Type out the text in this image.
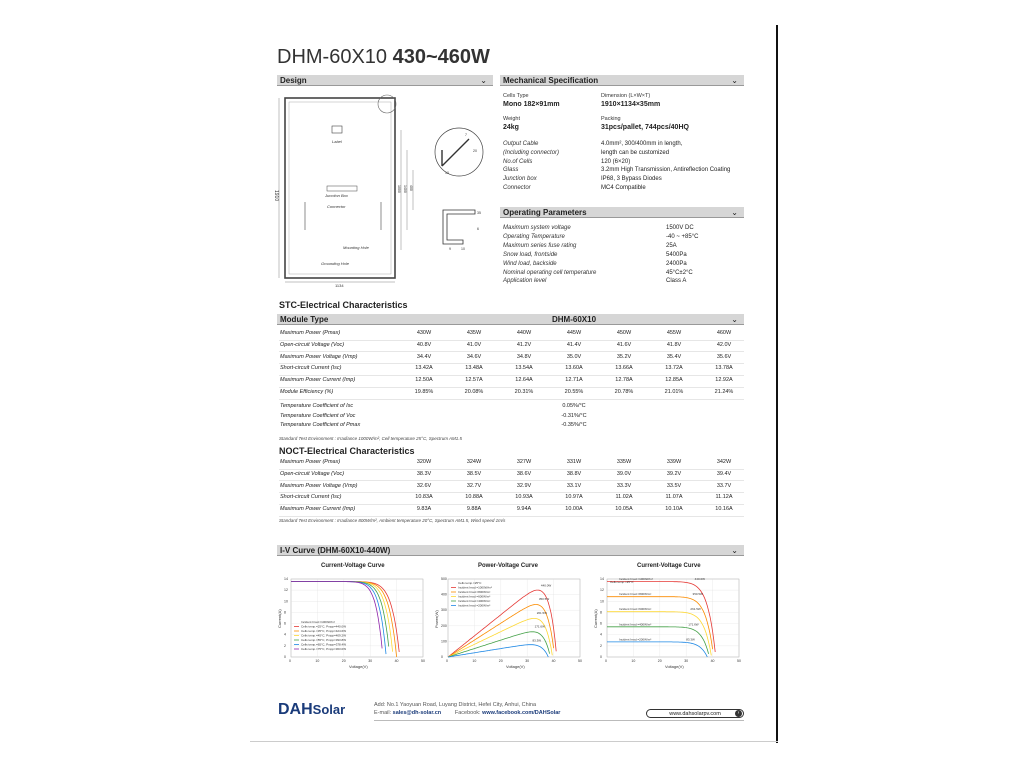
DHM-60X10 430~460W
Design	⌄	Mechanical Specification	⌄
Label
Junction Box
Connector
Mounting Hole
Grounding Hole
1134
1910
1000 1400 400
7
20
10
35
6
9	10
Cells Type
Mono 182×91mm
Dimension (L×W×T)
1910×1134×35mm
Weight
24kg
Packing
31pcs/pallet, 744pcs/40HQ
Output Cable	4.0mm², 300/400mm in length,
(Including connector)	length can be customized
No.of Cells	120 (6×20)
Glass	3.2mm High Transmission, Antireflection Coating
Junction box	IP68, 3 Bypass Diodes
Connector	MC4 Compatible
Operating Parameters	⌄
Maximum system voltage	1500V DC
Operating Temperature	-40 ~ +85°C
Maximum series fuse rating	25A
Snow load, frontside	5400Pa
Wind load, backside	2400Pa
Nominal operating cell temperature	45°C±2°C
Application level	Class A
STC-Electrical Characteristics
Module Type	DHM-60X10	⌄
Maximum Power (Pmax)	430W	435W	440W	445W	450W	455W	460W
Open-circuit Voltage (Voc)	40.8V	41.0V	41.2V	41.4V	41.6V	41.8V	42.0V
Maximum Power Voltage (Vmp)	34.4V	34.6V	34.8V	35.0V	35.2V	35.4V	35.6V
Short-circuit Current (Isc)	13.42A	13.48A	13.54A	13.60A	13.66A	13.72A	13.78A
Maximum Power Current (Imp)	12.50A	12.57A	12.64A	12.71A	12.78A	12.85A	12.92A
Module Efficiency (%)	19.85%	20.08%	20.31%	20.55%	20.78%	21.01%	21.24%
Temperature Coefficient of Isc	0.05%/°C
Temperature Coefficient of Voc	-0.31%/°C
Temperature Coefficient of Pmax	-0.35%/°C
Standard Test Environment : Irradiance 1000W/m², Cell temperature 25°C, Spectrum AM1.5
NOCT-Electrical Characteristics
Maximum Power (Pmax)	320W	324W	327W	331W	335W	339W	342W
Open-circuit Voltage (Voc)	38.3V	38.5V	38.6V	38.8V	39.0V	39.2V	39.4V
Maximum Power Voltage (Vmp)	32.6V	32.7V	32.9V	33.1V	33.3V	33.5V	33.7V
Short-circuit Current (Isc)	10.83A	10.88A	10.93A	10.97A	11.02A	11.07A	11.12A
Maximum Power Current (Imp)	9.83A	9.88A	9.94A	10.00A	10.05A	10.10A	10.16A
Standard Test Environment : Irradiance 800W/m², Ambient temperature 20°C, Spectrum AM1.5, Wind speed 1m/s
I-V Curve (DHM-60X10-440W)	⌄
Current-Voltage Curve
0	10	20	30	40	50
0
2
4
6
8
10
12
14
Voltage(V)
Current(A)	Incident Irrad.=1000W/m²
Cells temp.=25°C, Pmpp=440.0W
Cells temp.=35°C, Pmpp=424.6W
Cells temp.=45°C, Pmpp=409.2W
Cells temp.=55°C, Pmpp=393.8W
Cells temp.=65°C, Pmpp=378.4W
Cells temp.=75°C, Pmpp=363.0W
Power-Voltage Curve
0	10	20	30	40	50
0
100
200
300
400
500
Voltage(V)
Power(W)
440.0W
350.5W
261.5W
171.6W
83.3W
Cells temp.=25°C
Incident Irrad.=1000W/m²
Incident Irrad.=800W/m²
Incident Irrad.=600W/m²
Incident Irrad.=400W/m²
Incident Irrad.=200W/m²
Current-Voltage Curve
0	10	20	30	40	50
0
2
4
6
8
10
12
14
Voltage(V)
Current(A)
Incident Irrad.=1000W/m²	440.0W
Incident Irrad.=800W/m²	350.5W
Incident Irrad.=600W/m²	261.5W
Incident Irrad.=400W/m²	171.6W
Incident Irrad.=200W/m²	83.3W
Cells temp.=25°C
DAHSolar	Add: No.1 Yaoyuan Road, Luyang District, Hefei City, Anhui, China
E-mail: sales@dh-solar.cn	Facebook: www.facebook.com/DAHSolar	www.dahsolarpv.com	›
